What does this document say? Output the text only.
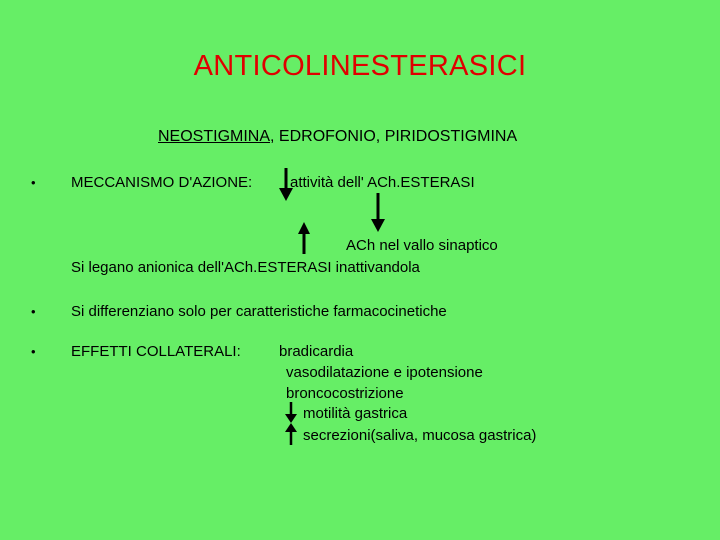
ANTICOLINESTERASICI
NEOSTIGMINA, EDROFONIO, PIRIDOSTIGMINA
• MECCANISMO D'AZIONE:	attività dell' ACh.ESTERASI
ACh nel vallo sinaptico
Si legano anionica dell'ACh.ESTERASI inattivandola
• Si differenziano solo per caratteristiche farmacocinetiche
• EFFETTI COLLATERALI:	bradicardia
vasodilatazione e ipotensione
broncocostrizione
motilità gastrica
secrezioni(saliva, mucosa gastrica)
